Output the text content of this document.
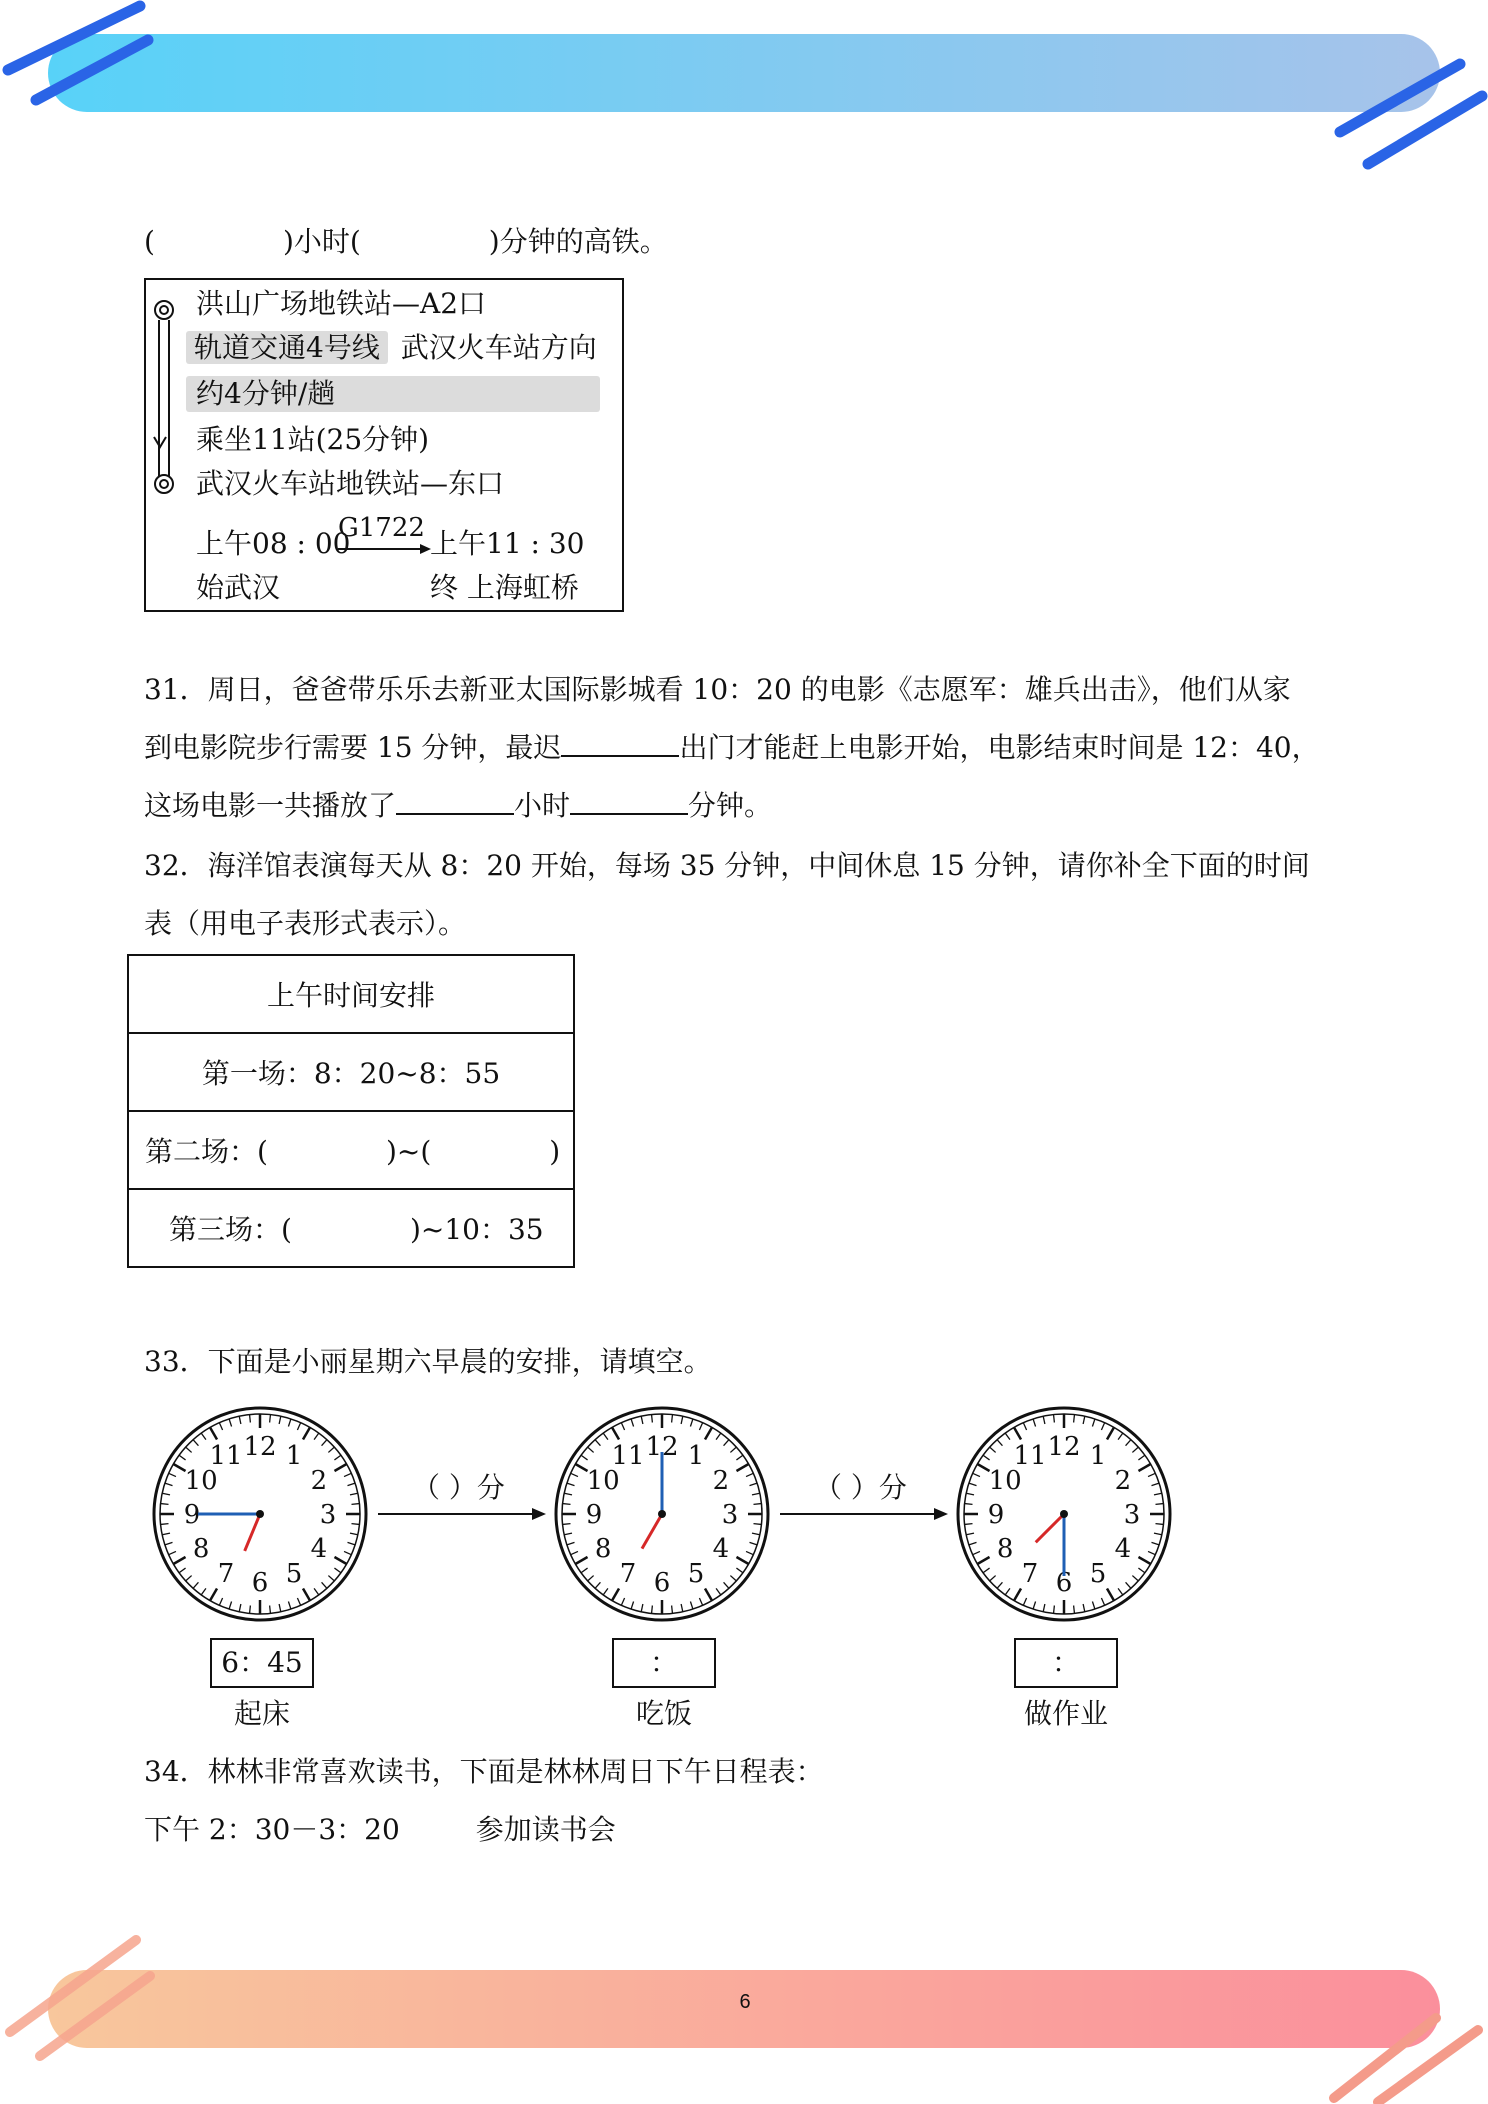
6
(	)小时(	)分钟的高铁。
洪山广场地铁站—A2口
轨道交通4号线 武汉火车站方向
约4分钟/趟
乘坐11站(25分钟)
武汉火车站地铁站—东口
上午08 : 00
G1722 上午11 : 30
始武汉	终 上海虹桥
31．周日，爸爸带乐乐去新亚太国际影城看 10：20 的电影《志愿军：雄兵出击》，他们从家
到电影院步行需要 15 分钟，最迟	出门才能赶上电影开始，电影结束时间是 12：40，
这场电影一共播放了	小时	分钟。
32．海洋馆表演每天从 8：20 开始，每场 35 分钟，中间休息 15 分钟，请你补全下面的时间
表（用电子表形式表示）。
上午时间安排
第一场：8：20~8：55
第二场：(	)~(	)
第三场：(	)~10：35
33．下面是小丽星期六早晨的安排，请填空。
12 1
2
3
4
5
6
7
8
9
10
11	12 1
2
3
4
5
6
7
8
9
10
11	12 1
2
3
4
5
6
7
8
9
10
11
（ ）分	（ ）分
6：45	：	：
起床	吃饭	做作业
34．林林非常喜欢读书，下面是林林周日下午日程表：
下午 2：30－3：20	参加读书会
